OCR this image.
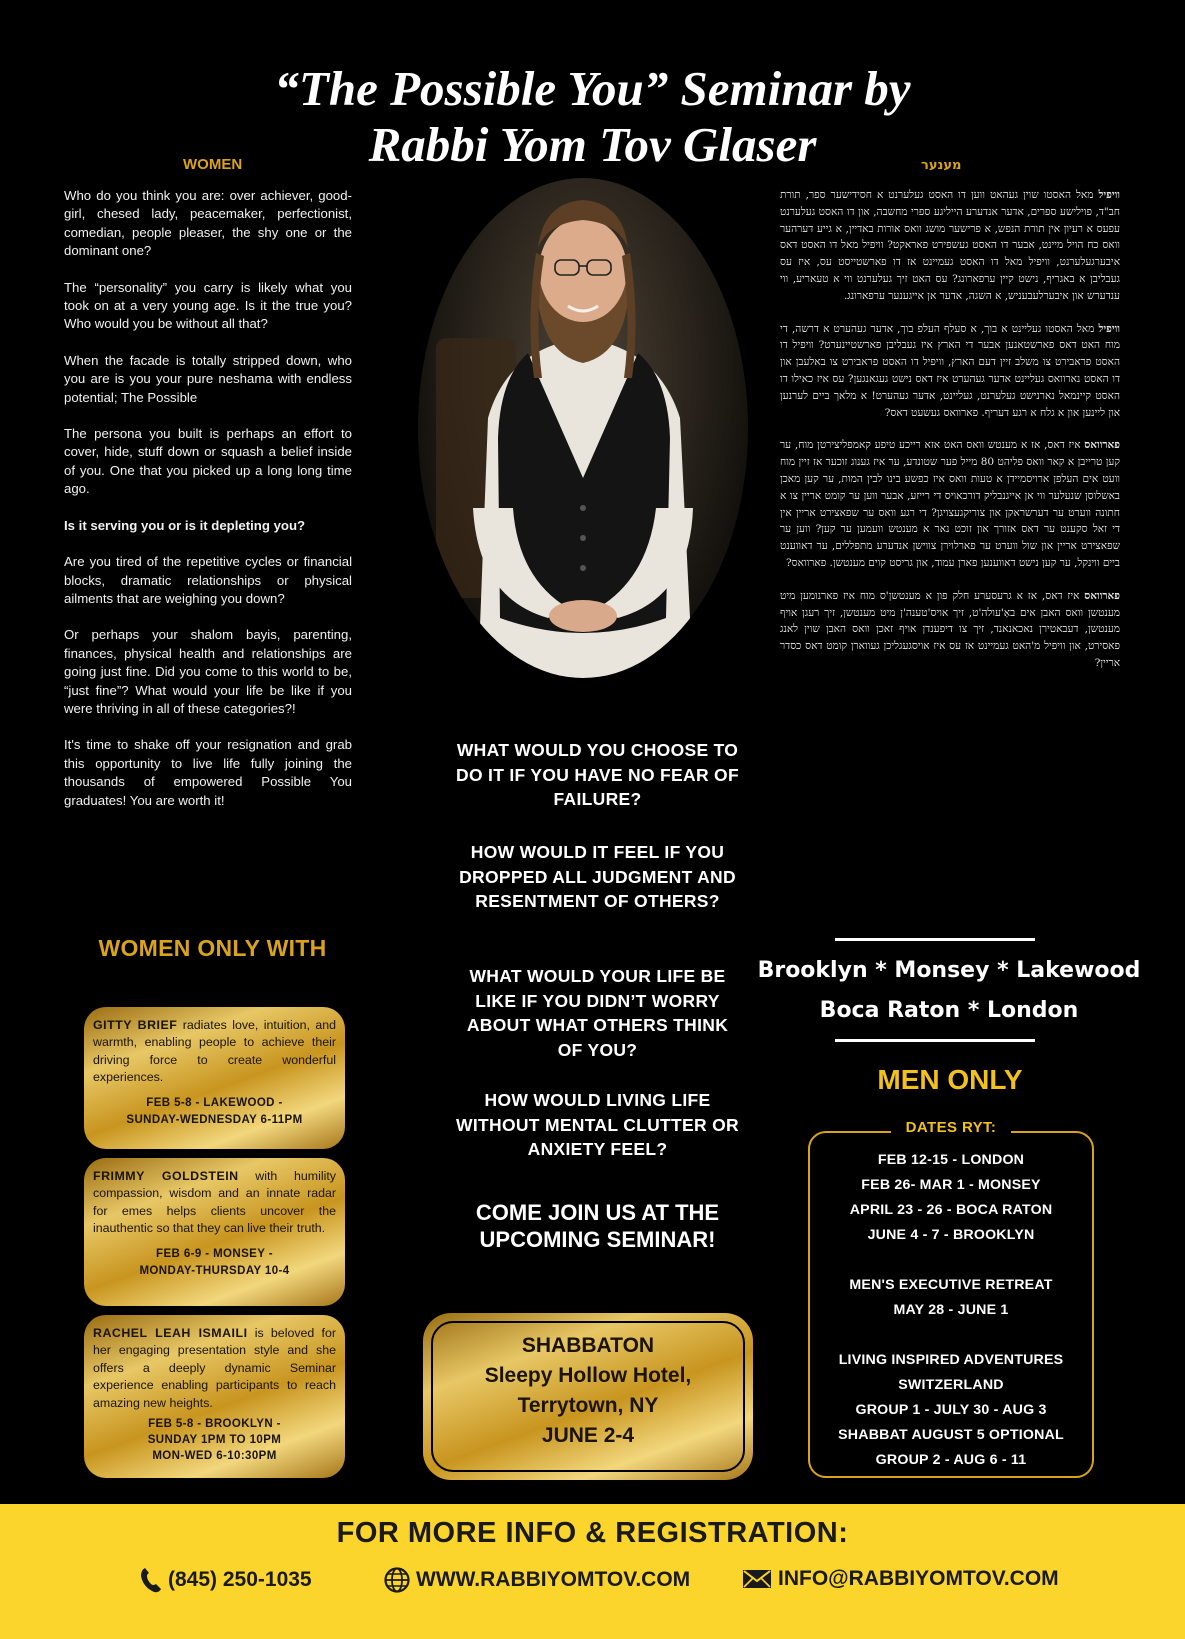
“The Possible You” Seminar by
Rabbi Yom Tov Glaser
WOMEN	מענער

Who do you think you are: over achiever, good-girl, chesed lady, peacemaker, perfectionist, comedian, people pleaser, the shy one or the dominant one?

The “personality” you carry is likely what you took on at a very young age. Is it the true you? Who would you be without all that?

When the facade is totally stripped down, who you are is you your pure neshama with endless potential; The Possible

The persona you built is perhaps an effort to cover, hide, stuff down or squash a belief inside of you. One that you picked up a long long time ago.

Is it serving you or is it depleting you?

Are you tired of the repetitive cycles or financial blocks, dramatic relationships or physical ailments that are weighing you down?

Or perhaps your shalom bayis, parenting, finances, physical health and relationships are going just fine. Did you come to this world to be, “just fine”? What would your life be like if you were thriving in all of these categories?!

It's time to shake off your resignation and grab this opportunity to live life fully joining the thousands of empowered Possible You graduates! You are worth it!

וויפיל מאל האסטו שוין געהאט ווען דו האסט געלערנט א חסידישער ספר, תורת חב"ד, פוילישע ספרים, אדער אנדערע הייליגע ספרי מחשבה, און דו האסט געלערנט עפעס א רעיון אין תורת הנפש, א פרישער מושג וואס אורות באדיין, א גייע דערהער וואס כח הויל מיינט, אבער דו האסט געשפירט פאראקט? וויפיל מאל דו האסט דאס איבערגעלערנט, וויפיל מאל דו האסט געמיינט אז דו פארשטייסט עס, איז עס געבליבן א באגריף, נישט קיין ערפארונג? עס האט זיך געלערנט ווי א טעאריע, ווי ענדערש און איבערלעבעניש, א השגה, אדער אן אייגענער ערפארונג.

וויפיל מאל האסטו געליינט א בוך, א סעלף העלפ בוך, אדער געהערט א דרשה, די מוח האט דאס פארשטאנען אבער די הארץ איז געבליבן פארשטיינערט? וויפיל דו האסט פראבירט צו משלב זיין דעם הארץ, וויפיל דו האסט פראבירט צו באלעבן און דו האסט נארוואס געליינט אדער געהערט איז דאס נישט געגאנגען? עס איז כאילו דו האסט קיינמאל נארנישט געלערנט, געליינט, אדער געהערט! א מלאך ביים לערנען און ליינען און א גלח א רגע דעריף. פארוואס געשעט דאס?

פארוואס איז דאס, אז א מענטש וואס האט אזא רייכע טיפע קאמפליצירטן מוח, ער קען טרייבן א קאר וואס פליהט 80 מייל פער שטונדע, ער איז גענוג זוכער אז זיין מוח וועט אים העלפן ארויסמיידן א טעות וואס איז כפשע בינו לבין המות, ער קען מאכן באשלוסן שנעלער ווי אן אייגנבליק דורכאויס די רייזע, אבער ווען ער קומט אריין צו א חתונה ווערט ער דערשראקן און צוריקגעצויגן? די רגע וואס ער שפאצירט אריין אין די זאל סקענט ער דאס אזורך און זוכט נאר א מענטש וועמען ער קען? ווען ער שפאצירט אריין און שול ווערט ער פארלוירן צווישן אנדערע מתפללים, ער דאווענט ביים ווינקל, ער קען נישט דאווענען פארן עמוד, און גריסט קוים מענטשן. פארוואס?

פארוואס איז דאס, אז א גרעסערע חלק פון א מענטשן'ס מוח איז פארנומען מיט מענטשן וואס האבן אים באַ'עולה'ט, זיך אויס'טענה'ן מיט מענטשן, זיך רעגן אויף מענטשן, דעבאטירן נאכאנאנד, זיך צו דיפענדן אויף זאכן וואס האבן שוין לאנג פאסירט, און וויפיל מ'האט געמיינט אז עס איז אויסגעגליכן געווארן קומט דאס כסדר אריין?

WHAT WOULD YOU CHOOSE TO DO IT IF YOU HAVE NO FEAR OF FAILURE?
HOW WOULD IT FEEL IF YOU DROPPED ALL JUDGMENT AND RESENTMENT OF OTHERS?
WHAT WOULD YOUR LIFE BE LIKE IF YOU DIDN’T WORRY ABOUT WHAT OTHERS THINK OF YOU?
HOW WOULD LIVING LIFE WITHOUT MENTAL CLUTTER OR ANXIETY FEEL?
COME JOIN US AT THE
UPCOMING SEMINAR!
SHABBATON
Sleepy Hollow Hotel,
Terrytown, NY
JUNE 2-4
WOMEN ONLY WITH
GITTY BRIEF radiates love, intuition, and warmth, enabling people to achieve their driving force to create wonderful experiences.
FEB 5-8 - LAKEWOOD -
SUNDAY-WEDNESDAY 6-11PM
FRIMMY GOLDSTEIN with humility compassion, wisdom and an innate radar for emes helps clients uncover the inauthentic so that they can live their truth.
FEB 6-9 - MONSEY -
MONDAY-THURSDAY 10-4
RACHEL LEAH ISMAILI is beloved for her engaging presentation style and she offers a deeply dynamic Seminar experience enabling participants to reach amazing new heights.
FEB 5-8 - BROOKLYN -
SUNDAY 1PM TO 10PM
MON-WED 6-10:30PM
Brooklyn * Monsey * Lakewood
Boca Raton * London
MEN ONLY
DATES RYT:
FEB 12-15 - LONDON
FEB 26- MAR 1 - MONSEY
APRIL 23 - 26 - BOCA RATON
JUNE 4 - 7 - BROOKLYN
MEN'S EXECUTIVE RETREAT
MAY 28 - JUNE 1
LIVING INSPIRED ADVENTURES
SWITZERLAND
GROUP 1 - JULY 30 - AUG 3
SHABBAT AUGUST 5 OPTIONAL
GROUP 2 - AUG 6 - 11
FOR MORE INFO & REGISTRATION:
(845) 250-1035	WWW.RABBIYOMTOV.COM	INFO@RABBIYOMTOV.COM
